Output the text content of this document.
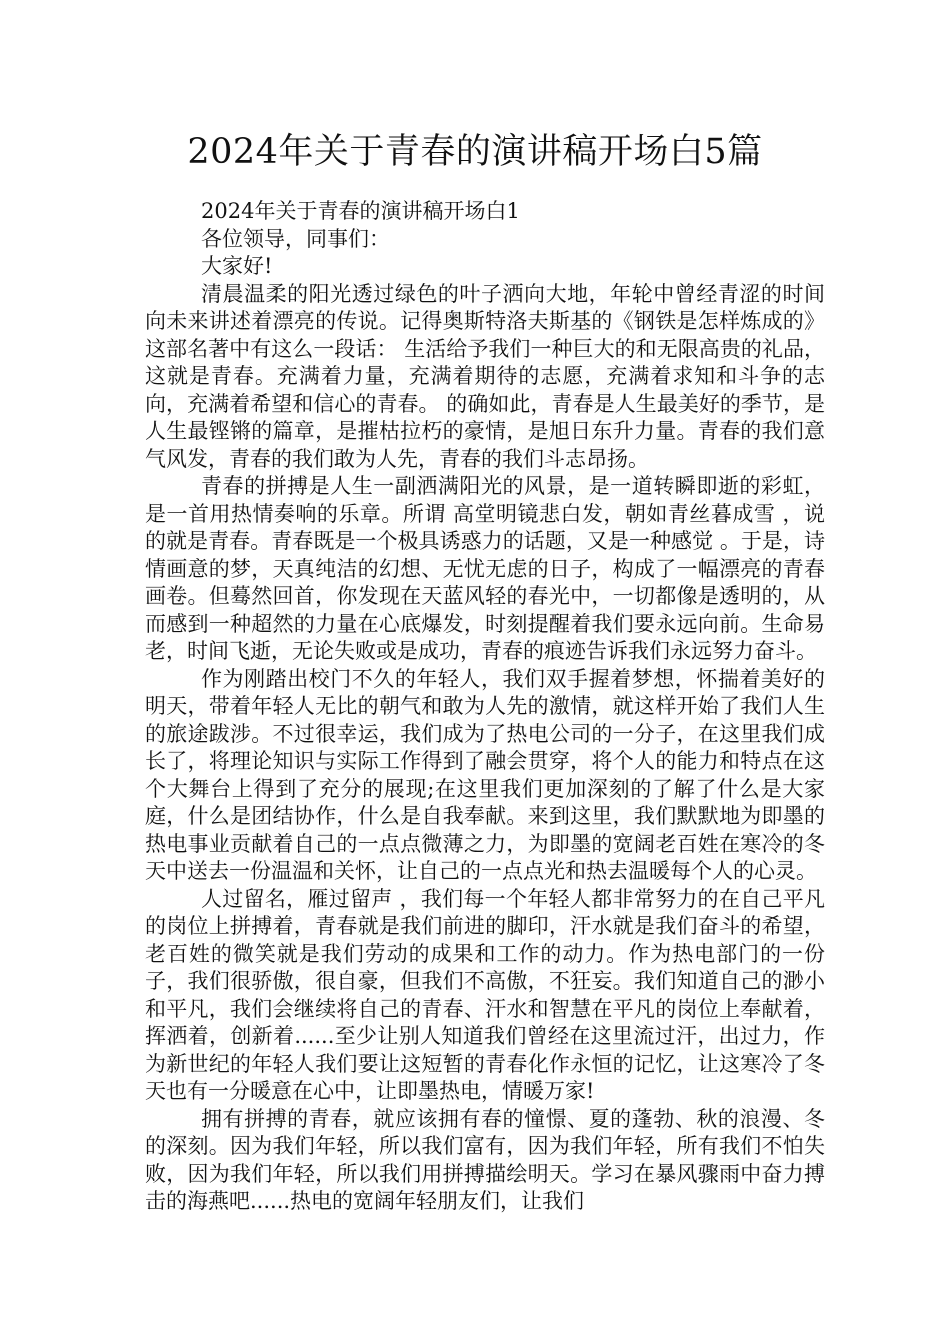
2024年关于青春的演讲稿开场白5篇

2024年关于青春的演讲稿开场白1

各位领导，同事们：

大家好!

清晨温柔的阳光透过绿色的叶子洒向大地，年轮中曾经青涩的时间向未来讲述着漂亮的传说。记得奥斯特洛夫斯基的《钢铁是怎样炼成的》这部名著中有这么一段话： 生活给予我们一种巨大的和无限高贵的礼品，这就是青春。充满着力量，充满着期待的志愿，充满着求知和斗争的志向，充满着希望和信心的青春。 的确如此，青春是人生最美好的季节，是人生最铿锵的篇章，是摧枯拉朽的豪情，是旭日东升力量。青春的我们意气风发，青春的我们敢为人先，青春的我们斗志昂扬。

青春的拼搏是人生一副洒满阳光的风景，是一道转瞬即逝的彩虹，是一首用热情奏响的乐章。所谓 高堂明镜悲白发，朝如青丝暮成雪 ，说的就是青春。青春既是一个极具诱惑力的话题，又是一种感觉 。于是，诗情画意的梦，天真纯洁的幻想、无忧无虑的日子，构成了一幅漂亮的青春画卷。但蓦然回首，你发现在天蓝风轻的春光中，一切都像是透明的，从而感到一种超然的力量在心底爆发，时刻提醒着我们要永远向前。生命易老，时间飞逝，无论失败或是成功，青春的痕迹告诉我们永远努力奋斗。

作为刚踏出校门不久的年轻人，我们双手握着梦想，怀揣着美好的明天，带着年轻人无比的朝气和敢为人先的激情，就这样开始了我们人生的旅途跋涉。不过很幸运，我们成为了热电公司的一分子，在这里我们成长了，将理论知识与实际工作得到了融会贯穿，将个人的能力和特点在这个大舞台上得到了充分的展现;在这里我们更加深刻的了解了什么是大家庭，什么是团结协作，什么是自我奉献。来到这里，我们默默地为即墨的热电事业贡献着自己的一点点微薄之力，为即墨的宽阔老百姓在寒冷的冬天中送去一份温温和关怀，让自己的一点点光和热去温暖每个人的心灵。

人过留名，雁过留声 ，我们每一个年轻人都非常努力的在自己平凡的岗位上拼搏着，青春就是我们前进的脚印，汗水就是我们奋斗的希望，老百姓的微笑就是我们劳动的成果和工作的动力。作为热电部门的一份子，我们很骄傲，很自豪，但我们不高傲，不狂妄。我们知道自己的渺小和平凡，我们会继续将自己的青春、汗水和智慧在平凡的岗位上奉献着，挥洒着，创新着......至少让别人知道我们曾经在这里流过汗，出过力，作为新世纪的年轻人我们要让这短暂的青春化作永恒的记忆，让这寒冷了冬天也有一分暖意在心中，让即墨热电，情暖万家!

拥有拼搏的青春，就应该拥有春的憧憬、夏的蓬勃、秋的浪漫、冬的深刻。因为我们年轻，所以我们富有，因为我们年轻，所有我们不怕失败，因为我们年轻，所以我们用拼搏描绘明天。学习在暴风骤雨中奋力搏击的海燕吧......热电的宽阔年轻朋友们，让我们
